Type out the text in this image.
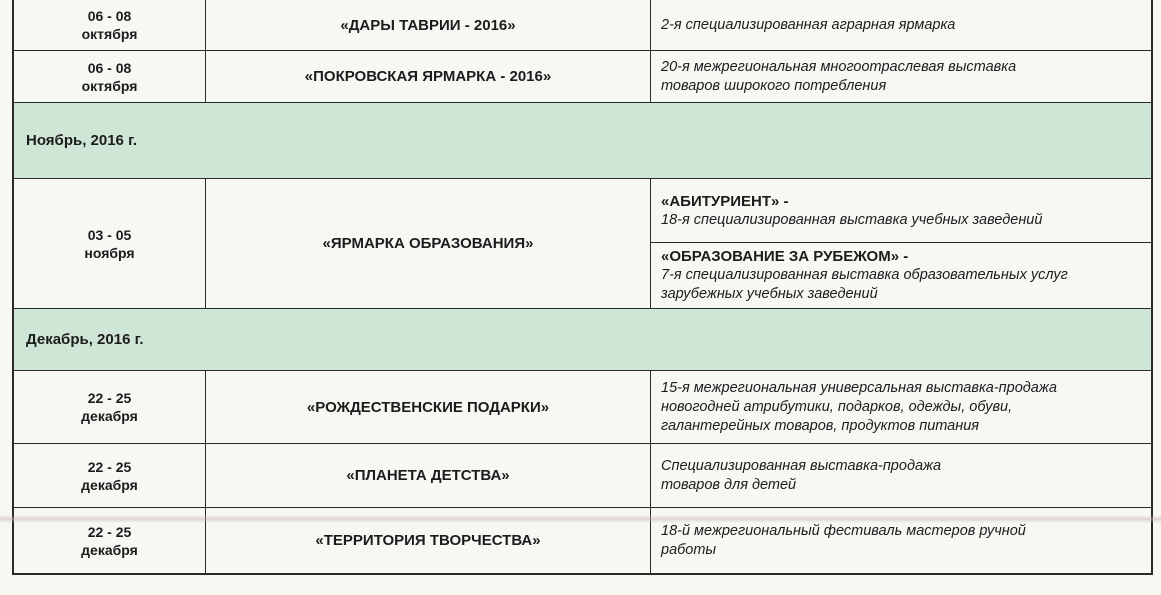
06 - 08
октября
«ДАРЫ ТАВРИИ - 2016»	2-я специализированная аграрная ярмарка
06 - 08
октября
«ПОКРОВСКАЯ ЯРМАРКА - 2016»
20-я межрегиональная многоотраслевая выставка
товаров широкого потребления
Ноябрь, 2016 г.
03 - 05
ноября
«ЯРМАРКА ОБРАЗОВАНИЯ»
«АБИТУРИЕНТ» -
18-я специализированная выставка учебных заведений
«ОБРАЗОВАНИЕ ЗА РУБЕЖОМ» -
7-я специализированная выставка образовательных услуг
зарубежных учебных заведений
Декабрь, 2016 г.
22 - 25
декабря
«РОЖДЕСТВЕНСКИЕ ПОДАРКИ»
15-я межрегиональная универсальная выставка-продажа
новогодней атрибутики, подарков, одежды, обуви,
галантерейных товаров, продуктов питания
22 - 25
декабря
«ПЛАНЕТА ДЕТСТВА»
Специализированная выставка-продажа
товаров для детей
22 - 25
декабря
«ТЕРРИТОРИЯ ТВОРЧЕСТВА»
18-й межрегиональный фестиваль мастеров ручной
работы
